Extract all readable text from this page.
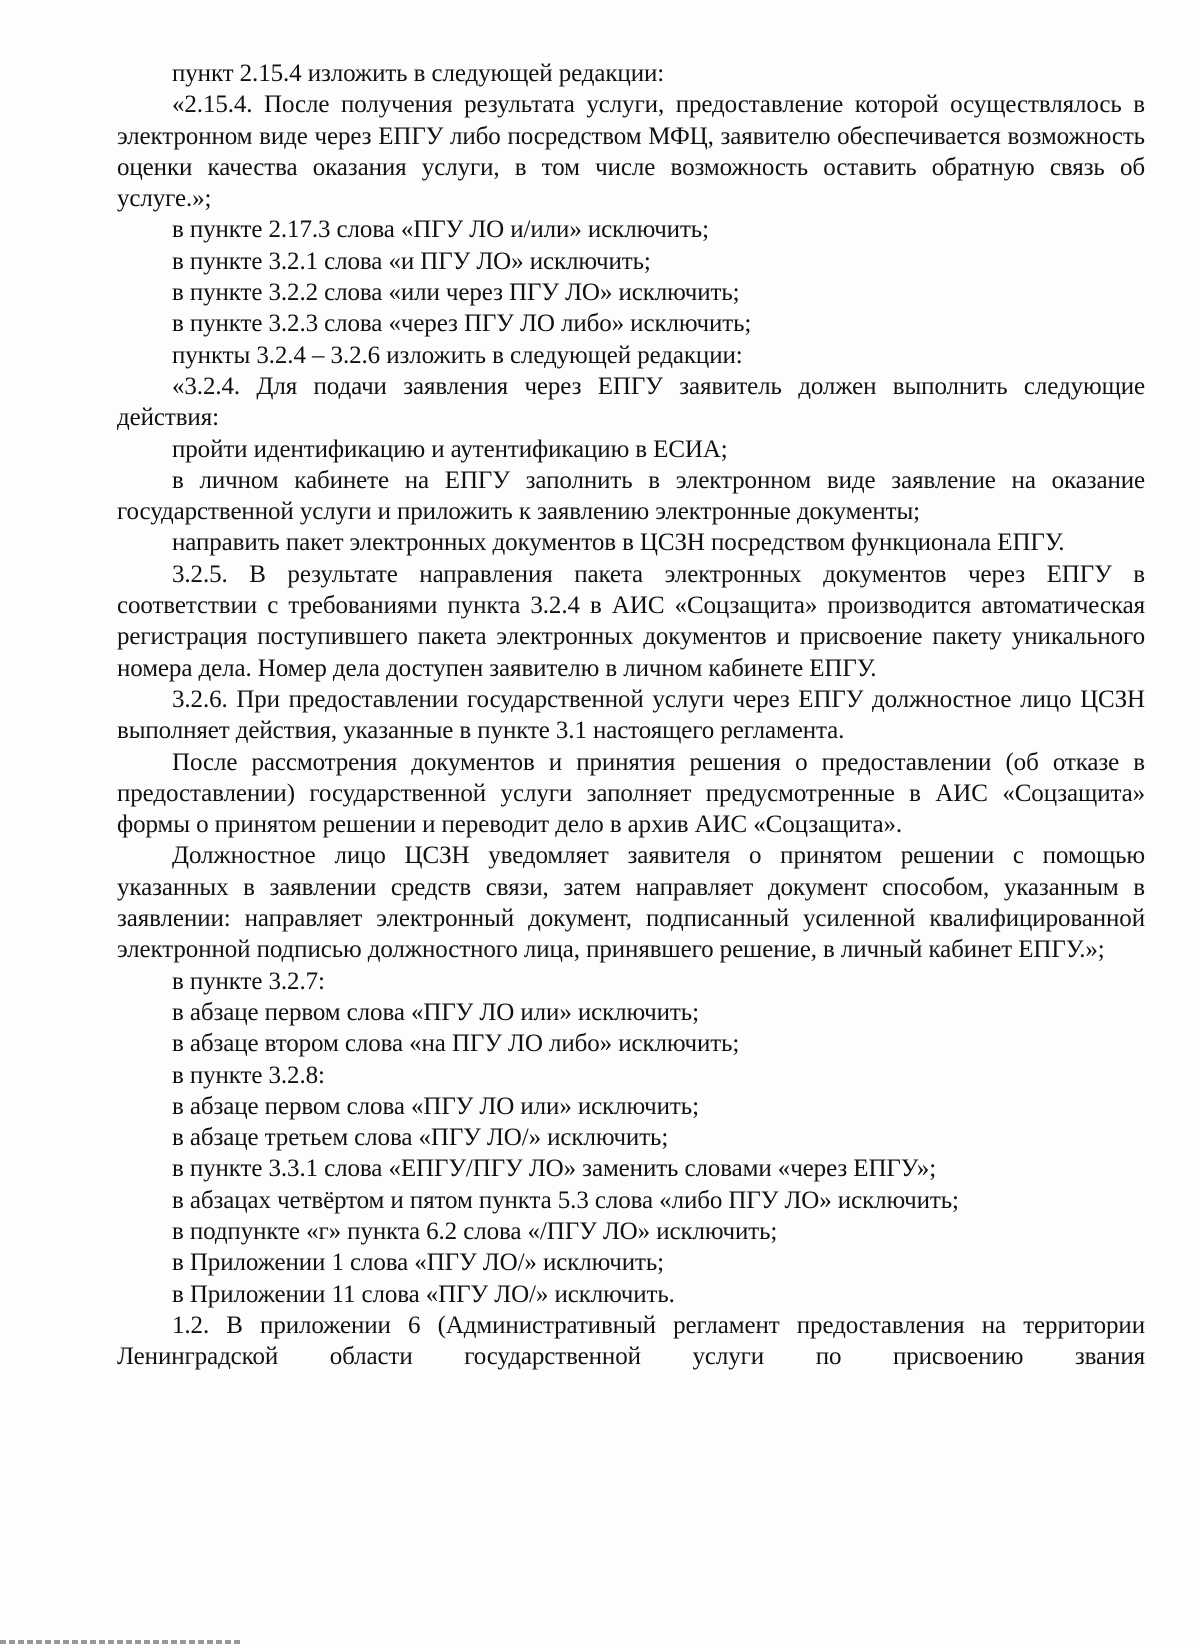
пункт 2.15.4 изложить в следующей редакции:

«2.15.4. После получения результата услуги, предоставление которой осуществлялось в электронном виде через ЕПГУ либо посредством МФЦ, заявителю обеспечивается возможность оценки качества оказания услуги, в том числе возможность оставить обратную связь об услуге.»;

в пункте 2.17.3 слова «ПГУ ЛО и/или» исключить;

в пункте 3.2.1 слова «и ПГУ ЛО» исключить;

в пункте 3.2.2 слова «или через ПГУ ЛО» исключить;

в пункте 3.2.3 слова «через ПГУ ЛО либо» исключить;

пункты 3.2.4 – 3.2.6 изложить в следующей редакции:

«3.2.4. Для подачи заявления через ЕПГУ заявитель должен выполнить следующие действия:

пройти идентификацию и аутентификацию в ЕСИА;

в личном кабинете на ЕПГУ заполнить в электронном виде заявление на оказание государственной услуги и приложить к заявлению электронные документы;

направить пакет электронных документов в ЦСЗН посредством функционала ЕПГУ.

3.2.5. В результате направления пакета электронных документов через ЕПГУ в соответствии с требованиями пункта 3.2.4 в АИС «Соцзащита» производится автоматическая регистрация поступившего пакета электронных документов и присвоение пакету уникального номера дела. Номер дела доступен заявителю в личном кабинете ЕПГУ.

3.2.6. При предоставлении государственной услуги через ЕПГУ должностное лицо ЦСЗН выполняет действия, указанные в пункте 3.1 настоящего регламента.

После рассмотрения документов и принятия решения о предоставлении (об отказе в предоставлении) государственной услуги заполняет предусмотренные в АИС «Соцзащита» формы о принятом решении и переводит дело в архив АИС «Соцзащита».

Должностное лицо ЦСЗН уведомляет заявителя о принятом решении с помощью указанных в заявлении средств связи, затем направляет документ способом, указанным в заявлении: направляет электронный документ, подписанный усиленной квалифицированной электронной подписью должностного лица, принявшего решение, в личный кабинет ЕПГУ.»;

в пункте 3.2.7:

в абзаце первом слова «ПГУ ЛО или» исключить;

в абзаце втором слова «на ПГУ ЛО либо» исключить;

в пункте 3.2.8:

в абзаце первом слова «ПГУ ЛО или» исключить;

в абзаце третьем слова «ПГУ ЛО/» исключить;

в пункте 3.3.1 слова «ЕПГУ/ПГУ ЛО» заменить словами «через ЕПГУ»;

в абзацах четвёртом и пятом пункта 5.3 слова «либо ПГУ ЛО» исключить;

в подпункте «г» пункта 6.2 слова «/ПГУ ЛО» исключить;

в Приложении 1 слова «ПГУ ЛО/» исключить;

в Приложении 11 слова «ПГУ ЛО/» исключить.

1.2. В приложении 6 (Административный регламент предоставления на территории Ленинградской области государственной услуги по присвоению звания
